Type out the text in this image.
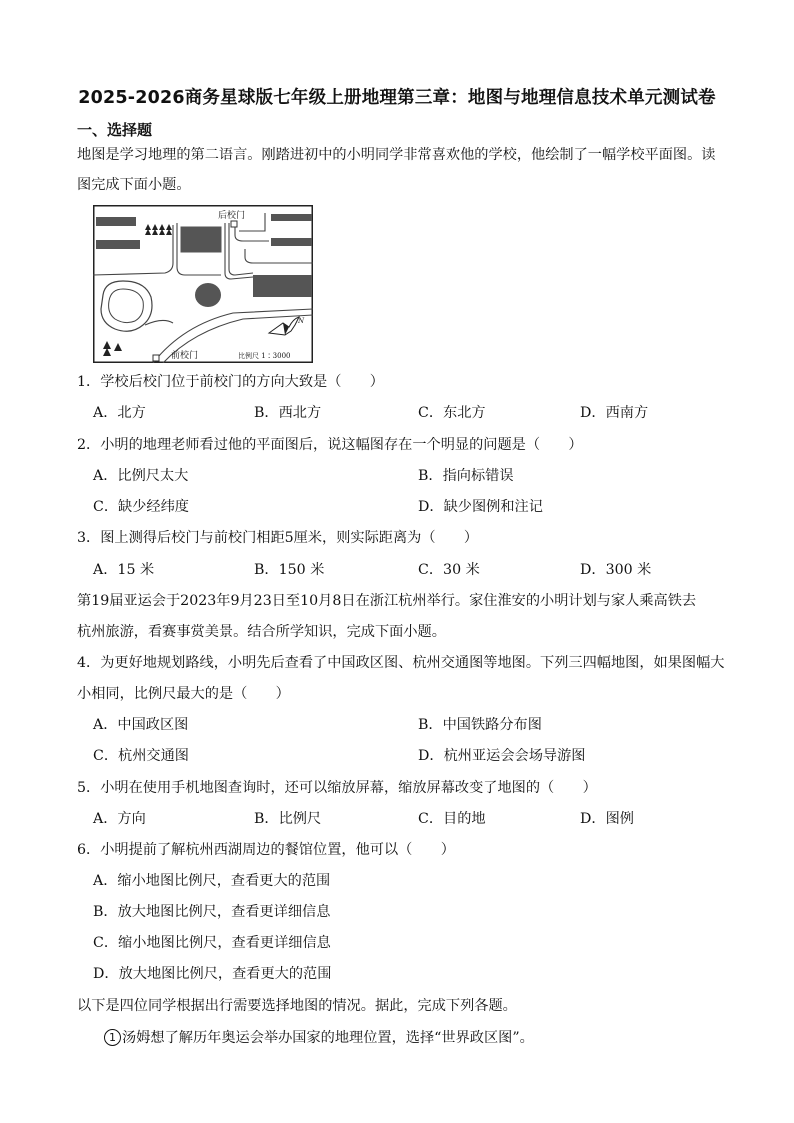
2025-2026商务星球版七年级上册地理第三章：地图与地理信息技术单元测试卷
一、选择题

地图是学习地理的第二语言。刚踏进初中的小明同学非常喜欢他的学校，他绘制了一幅学校平面图。读

图完成下面小题。

N
后校门
前校门	比例尺 1∶3000

1．学校后校门位于前校门的方向大致是（　　）

A．北方	B．西北方	C．东北方	D．西南方

2．小明的地理老师看过他的平面图后，说这幅图存在一个明显的问题是（　　）

A．比例尺太大	B．指向标错误
C．缺少经纬度	D．缺少图例和注记

3．图上测得后校门与前校门相距5厘米，则实际距离为（　　）

A．15 米	B．150 米	C．30 米	D．300 米

第19届亚运会于2023年9月23日至10月8日在浙江杭州举行。家住淮安的小明计划与家人乘高铁去

杭州旅游，看赛事赏美景。结合所学知识，完成下面小题。

4．为更好地规划路线，小明先后查看了中国政区图、杭州交通图等地图。下列三四幅地图，如果图幅大

小相同，比例尺最大的是（　　）

A．中国政区图	B．中国铁路分布图
C．杭州交通图	D．杭州亚运会会场导游图

5．小明在使用手机地图查询时，还可以缩放屏幕，缩放屏幕改变了地图的（　　）

A．方向	B．比例尺	C．目的地	D．图例

6．小明提前了解杭州西湖周边的餐馆位置，他可以（　　）

A．缩小地图比例尺，查看更大的范围
B．放大地图比例尺，查看更详细信息
C．缩小地图比例尺，查看更详细信息
D．放大地图比例尺，查看更大的范围

以下是四位同学根据出行需要选择地图的情况。据此，完成下列各题。

1 汤姆想了解历年奥运会举办国家的地理位置，选择“世界政区图”。
